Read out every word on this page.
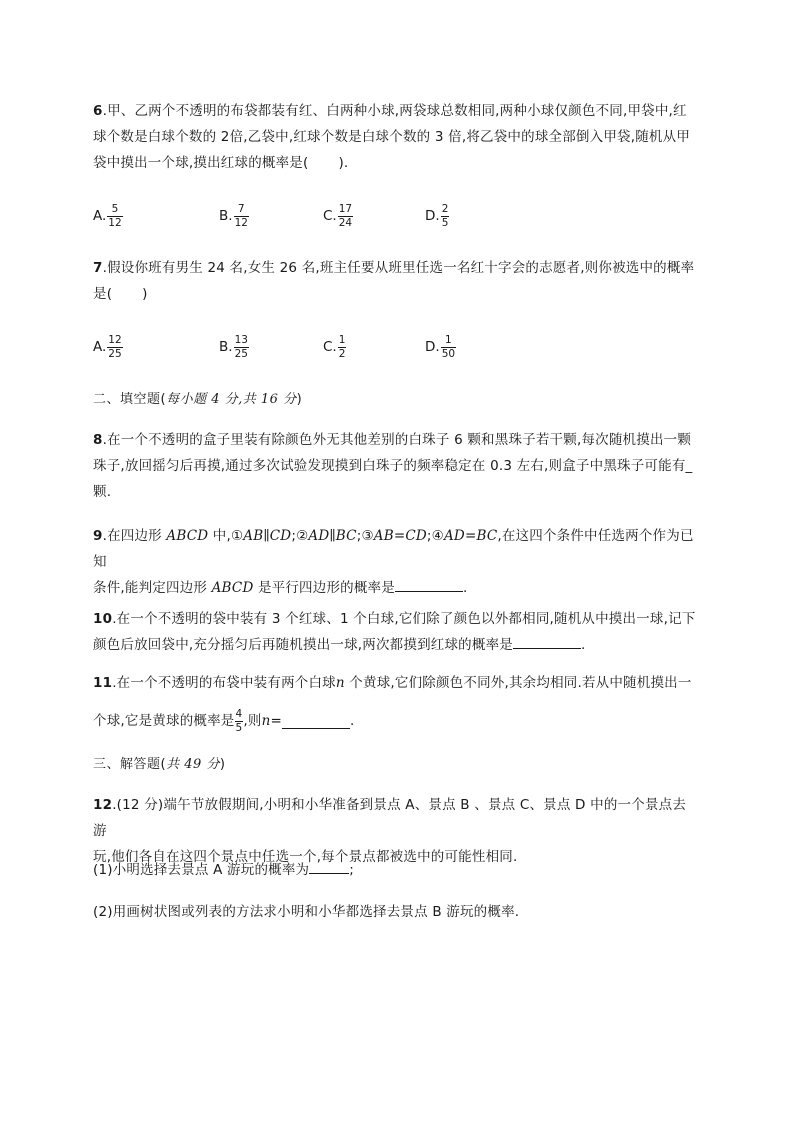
6.甲、乙两个不透明的布袋都装有红、白两种小球,两袋球总数相同,两种小球仅颜色不同,甲袋中,红
球个数是白球个数的 2倍,乙袋中,红球个数是白球个数的 3 倍,将乙袋中的球全部倒入甲袋,随机从甲
袋中摸出一个球,摸出红球的概率是( ).

A. $\frac{5}{12}$	B. $\frac{7}{12}$	C. $\frac{17}{24}$	D. $\frac{2}{5}$

7.假设你班有男生 24 名,女生 26 名,班主任要从班里任选一名红十字会的志愿者,则你被选中的概率
是( )

A. $\frac{12}{25}$	B. $\frac{13}{25}$	C. $\frac{1}{2}$	D. $\frac{1}{50}$
二、填空题(每小题 4 分,共 16 分)

8.在一个不透明的盒子里装有除颜色外无其他差别的白珠子 6 颗和黑珠子若干颗,每次随机摸出一颗
珠子,放回摇匀后再摸,通过多次试验发现摸到白珠子的频率稳定在 0.3 左右,则盒子中黑珠子可能有_
颗.

9.在四边形 ABCD 中,①AB∥CD;②AD∥BC;③AB=CD;④AD=BC,在这四个条件中任选两个作为已知
条件,能判定四边形 ABCD 是平行四边形的概率是	.

10.在一个不透明的袋中装有 3 个红球、1 个白球,它们除了颜色以外都相同,随机从中摸出一球,记下
颜色后放回袋中,充分摇匀后再随机摸出一球,两次都摸到红球的概率是	.

11.在一个不透明的布袋中装有两个白球n 个黄球,它们除颜色不同外,其余均相同.若从中随机摸出一
个球,它是黄球的概率是 $\frac{4}{5}$ ,则 n =	.
三、解答题(共 49 分)

12.(12 分)端午节放假期间,小明和小华准备到景点 A、景点 B 、景点 C、景点 D 中的一个景点去游
玩,他们各自在这四个景点中任选一个,每个景点都被选中的可能性相同.

(1)小明选择去景点 A 游玩的概率为	;

(2)用画树状图或列表的方法求小明和小华都选择去景点 B 游玩的概率.
